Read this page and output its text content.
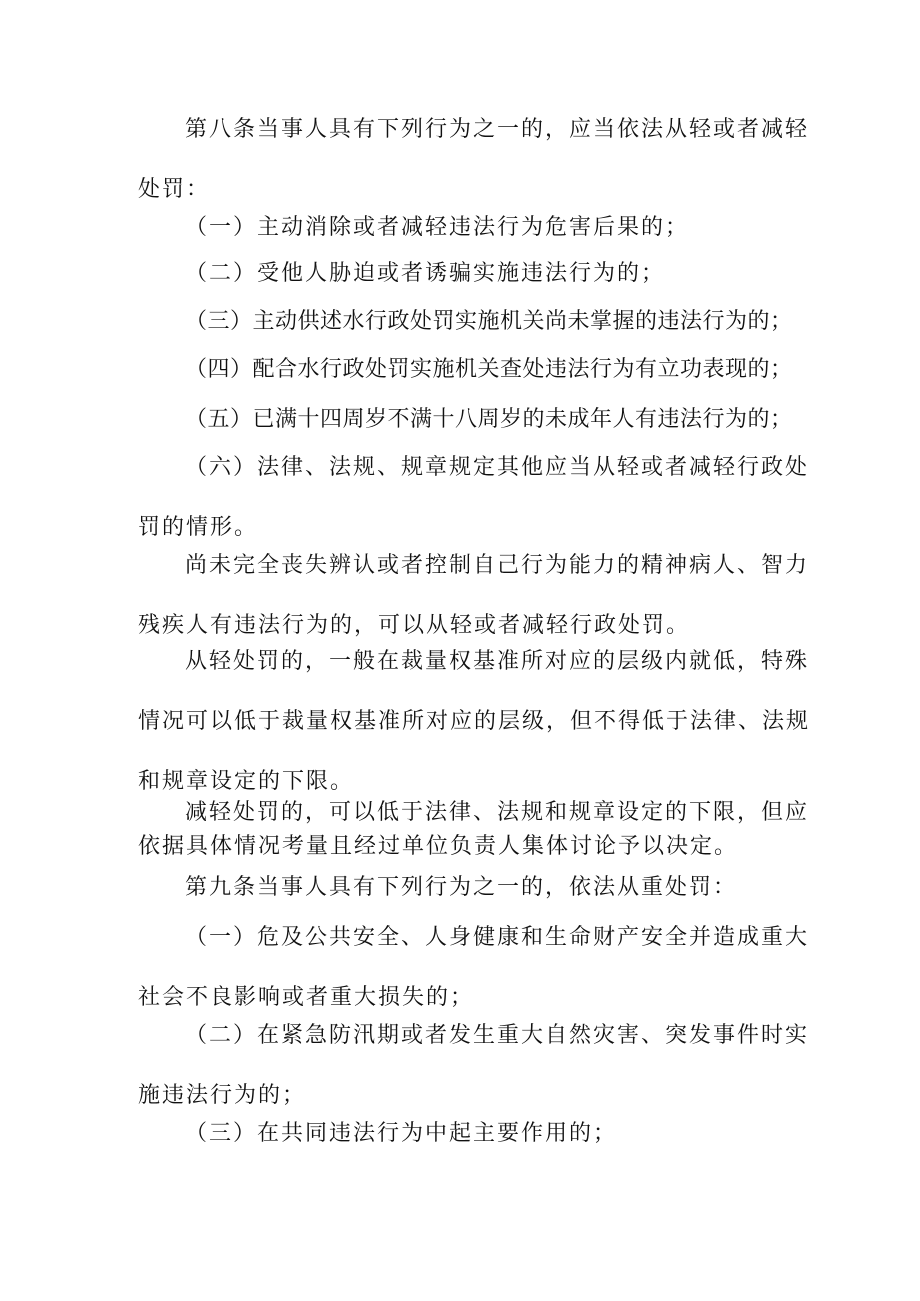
第八条当事人具有下列行为之一的，应当依法从轻或者减轻
处罚：

（一）主动消除或者减轻违法行为危害后果的；

（二）受他人胁迫或者诱骗实施违法行为的；

（三）主动供述水行政处罚实施机关尚未掌握的违法行为的；

（四）配合水行政处罚实施机关查处违法行为有立功表现的；

（五）已满十四周岁不满十八周岁的未成年人有违法行为的；

（六）法律、法规、规章规定其他应当从轻或者减轻行政处
罚的情形。

尚未完全丧失辨认或者控制自己行为能力的精神病人、智力
残疾人有违法行为的，可以从轻或者减轻行政处罚。

从轻处罚的，一般在裁量权基准所对应的层级内就低，特殊
情况可以低于裁量权基准所对应的层级，但不得低于法律、法规
和规章设定的下限。

减轻处罚的，可以低于法律、法规和规章设定的下限，但应
依据具体情况考量且经过单位负责人集体讨论予以决定。

第九条当事人具有下列行为之一的，依法从重处罚：

（一）危及公共安全、人身健康和生命财产安全并造成重大
社会不良影响或者重大损失的；

（二）在紧急防汛期或者发生重大自然灾害、突发事件时实
施违法行为的；

（三）在共同违法行为中起主要作用的；
